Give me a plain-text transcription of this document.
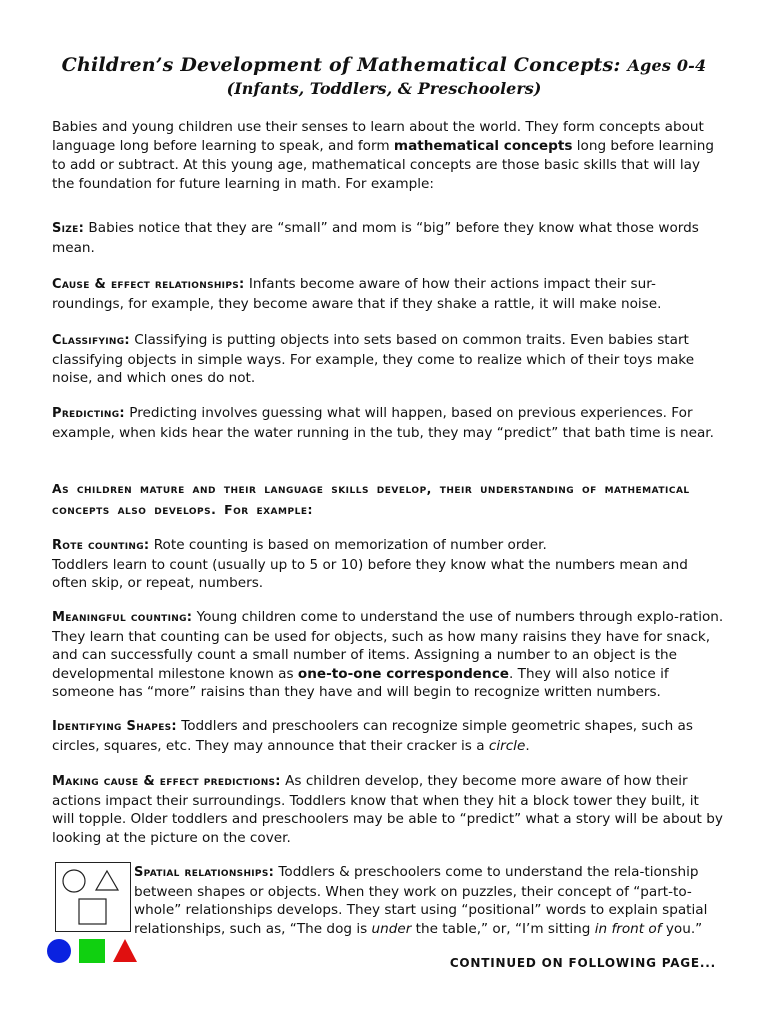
Children’s Development of Mathematical Concepts: Ages 0-4
(Infants, Toddlers, & Preschoolers)
Babies and young children use their senses to learn about the world. They form concepts about language long before learning to speak, and form mathematical concepts long before learning to add or subtract. At this young age, mathematical concepts are those basic skills that will lay the foundation for future learning in math. For example:
Size: Babies notice that they are “small” and mom is “big” before they know what those words mean.
Cause & effect relationships: Infants become aware of how their actions impact their sur-roundings, for example, they become aware that if they shake a rattle, it will make noise.
Classifying: Classifying is putting objects into sets based on common traits. Even babies start classifying objects in simple ways. For example, they come to realize which of their toys make noise, and which ones do not.
Predicting: Predicting involves guessing what will happen, based on previous experiences. For example, when kids hear the water running in the tub, they may “predict” that bath time is near.
As children mature and their language skills develop, their understanding of mathematical concepts also develops. For example:
Rote counting: Rote counting is based on memorization of number order.
Toddlers learn to count (usually up to 5 or 10) before they know what the numbers mean and often skip, or repeat, numbers.
Meaningful counting: Young children come to understand the use of numbers through explo-ration. They learn that counting can be used for objects, such as how many raisins they have for snack, and can successfully count a small number of items. Assigning a number to an object is the developmental milestone known as one-to-one correspondence. They will also notice if someone has “more” raisins than they have and will begin to recognize written numbers.
Identifying Shapes: Toddlers and preschoolers can recognize simple geometric shapes, such as circles, squares, etc. They may announce that their cracker is a circle.
Making cause & effect predictions: As children develop, they become more aware of how their actions impact their surroundings. Toddlers know that when they hit a block tower they built, it will topple. Older toddlers and preschoolers may be able to “predict” what a story will be about by looking at the picture on the cover.
Spatial relationships: Toddlers & preschoolers come to understand the rela-tionship between shapes or objects. When they work on puzzles, their concept of “part-to-whole” relationships develops. They start using “positional” words to explain spatial relationships, such as, “The dog is under the table,” or, “I’m sitting in front of you.”
CONTINUED ON FOLLOWING PAGE...
